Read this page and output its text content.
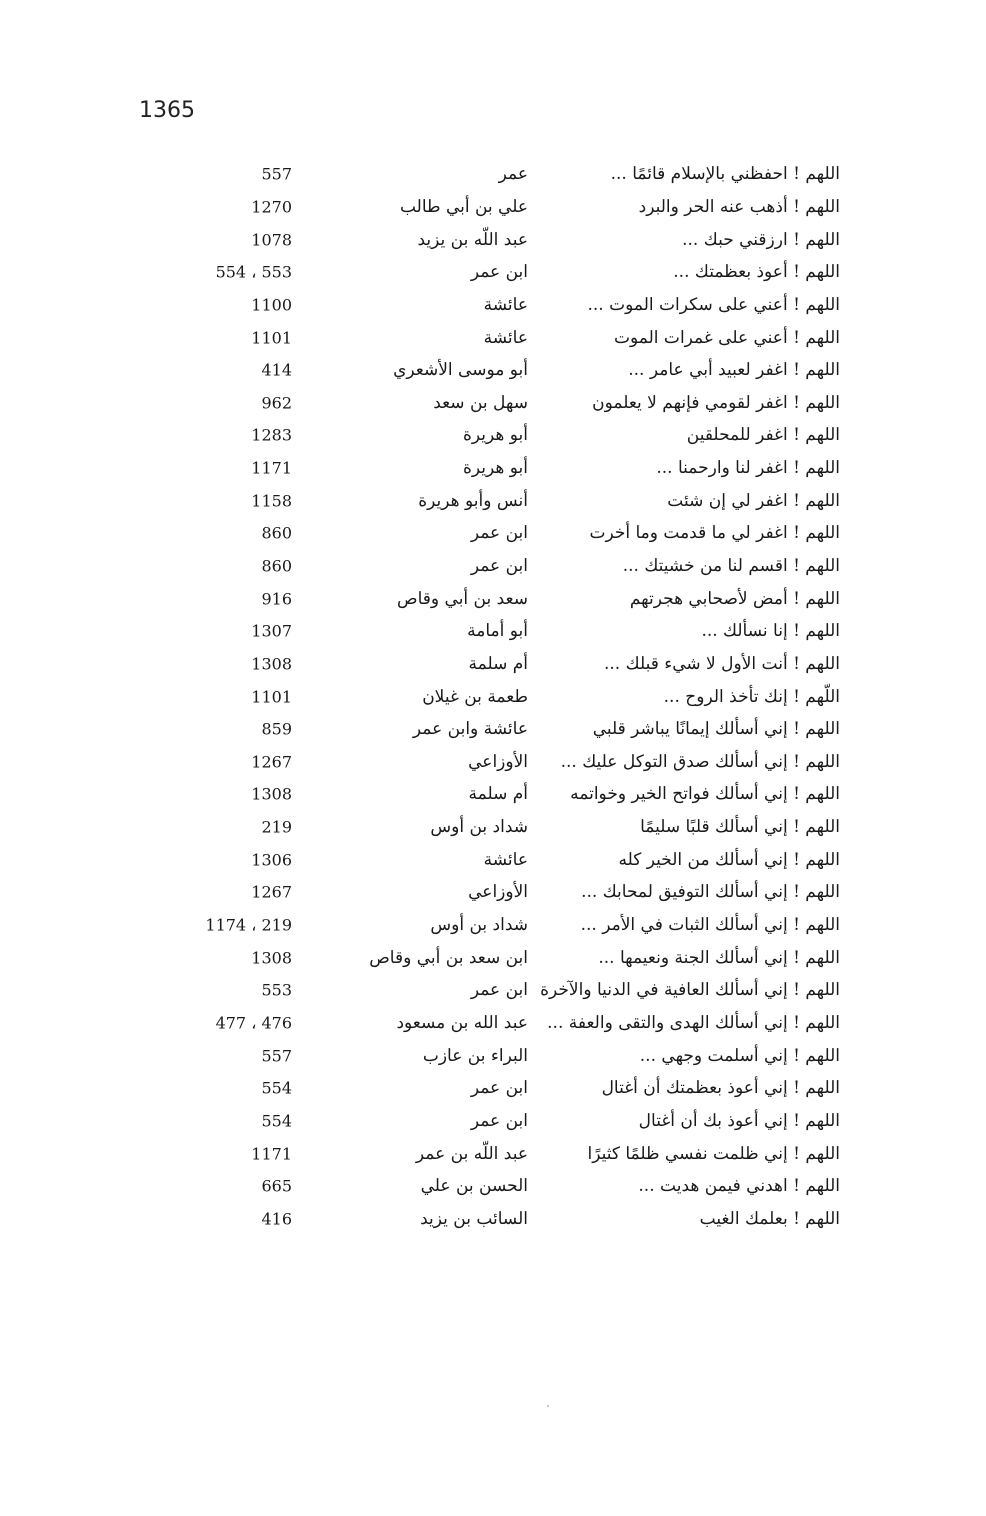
1365
اللهم ! احفظني بالإسلام قائمًا ...
عمر
557
اللهم ! أذهب عنه الحر والبرد
علي بن أبي طالب
1270
اللهم ! ارزقني حبك ...
عبد اللّه بن يزيد
1078
اللهم ! أعوذ بعظمتك ...
ابن عمر
553 ، 554
اللهم ! أعني على سكرات الموت ...
عائشة
1100
اللهم ! أعني على غمرات الموت
عائشة
1101
اللهم ! اغفر لعبيد أبي عامر ...
أبو موسى الأشعري
414
اللهم ! اغفر لقومي فإنهم لا يعلمون
سهل بن سعد
962
اللهم ! اغفر للمحلقين
أبو هريرة
1283
اللهم ! اغفر لنا وارحمنا ...
أبو هريرة
1171
اللهم ! اغفر لي إن شئت
أنس وأبو هريرة
1158
اللهم ! اغفر لي ما قدمت وما أخرت
ابن عمر
860
اللهم ! اقسم لنا من خشيتك ...
ابن عمر
860
اللهم ! أمض لأصحابي هجرتهم
سعد بن أبي وقاص
916
اللهم ! إنا نسألك ...
أبو أمامة
1307
اللهم ! أنت الأول لا شيء قبلك ...
أم سلمة
1308
اللّهم ! إنك تأخذ الروح ...
طعمة بن غيلان
1101
اللهم ! إني أسألك إيمانًا يباشر قلبي
عائشة وابن عمر
859
اللهم ! إني أسألك صدق التوكل عليك ...
الأوزاعي
1267
اللهم ! إني أسألك فواتح الخير وخواتمه
أم سلمة
1308
اللهم ! إني أسألك قلبًا سليمًا
شداد بن أوس
219
اللهم ! إني أسألك من الخير كله
عائشة
1306
اللهم ! إني أسألك التوفيق لمحابك ...
الأوزاعي
1267
اللهم ! إني أسألك الثبات في الأمر ...
شداد بن أوس
219 ، 1174
اللهم ! إني أسألك الجنة ونعيمها ...
ابن سعد بن أبي وقاص
1308
اللهم ! إني أسألك العافية في الدنيا والآخرة
ابن عمر
553
اللهم ! إني أسألك الهدى والتقى والعفة ...
عبد الله بن مسعود
476 ، 477
اللهم ! إني أسلمت وجهي ...
البراء بن عازب
557
اللهم ! إني أعوذ بعظمتك أن أغتال
ابن عمر
554
اللهم ! إني أعوذ بك أن أغتال
ابن عمر
554
اللهم ! إني ظلمت نفسي ظلمًا كثيرًا
عبد اللّه بن عمر
1171
اللهم ! اهدني فيمن هديت ...
الحسن بن علي
665
اللهم ! بعلمك الغيب
السائب بن يزيد
416
